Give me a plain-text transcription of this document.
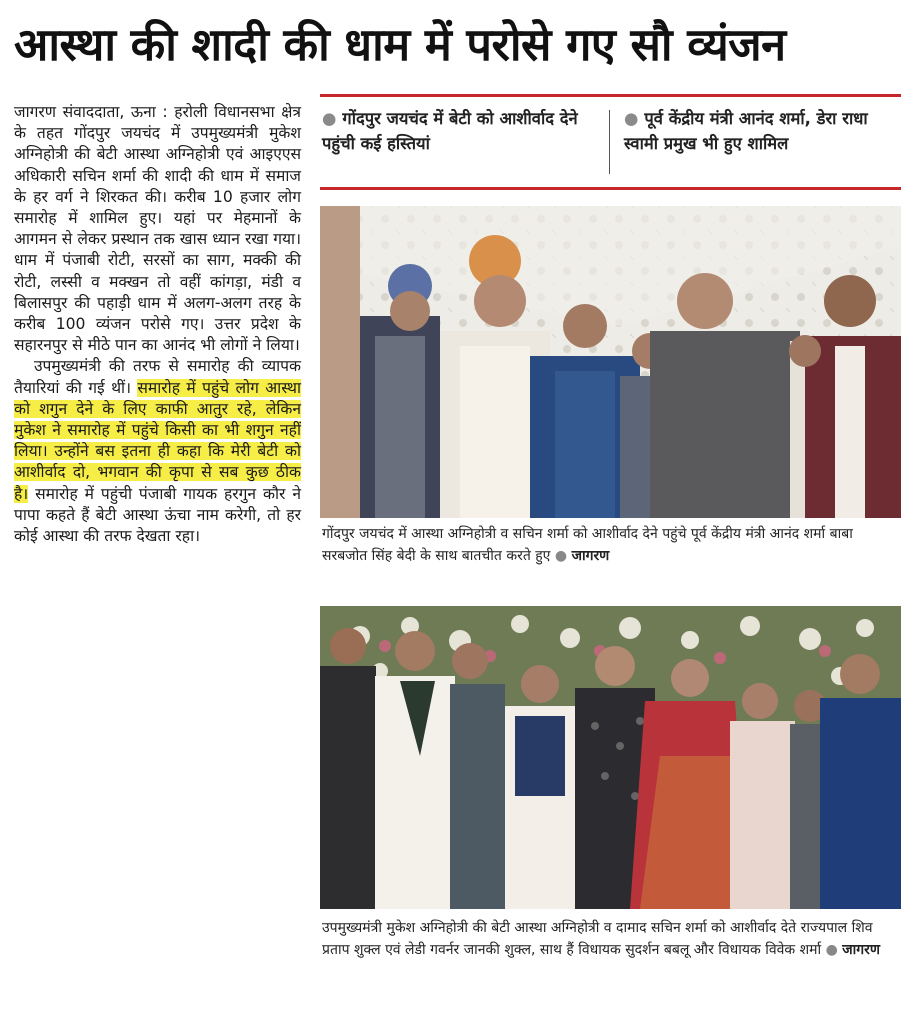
आस्था की शादी की धाम में परोसे गए सौ व्यंजन

जागरण संवाददाता, ऊना : हरोली विधानसभा क्षेत्र के तहत गोंदपुर जयचंद में उपमुख्यमंत्री मुकेश अग्निहोत्री की बेटी आस्था अग्निहोत्री एवं आइएएस अधिकारी सचिन शर्मा की शादी की धाम में समाज के हर वर्ग ने शिरकत की। करीब 10 हजार लोग समारोह में शामिल हुए। यहां पर मेहमानों के आगमन से लेकर प्रस्थान तक खास ध्यान रखा गया। धाम में पंजाबी रोटी, सरसों का साग, मक्की की रोटी, लस्सी व मक्खन तो वहीं कांगड़ा, मंडी व बिलासपुर की पहाड़ी धाम में अलग-अलग तरह के करीब 100 व्यंजन परोसे गए। उत्तर प्रदेश के सहारनपुर से मीठे पान का आनंद भी लोगों ने लिया।

उपमुख्यमंत्री की तरफ से समारोह की व्यापक तैयारियां की गई थीं। समारोह में पहुंचे लोग आस्था को शगुन देने के लिए काफी आतुर रहे, लेकिन मुकेश ने समारोह में पहुंचे किसी का भी शगुन नहीं लिया। उन्होंने बस इतना ही कहा कि मेरी बेटी को आशीर्वाद दो, भगवान की कृपा से सब कुछ ठीक है। समारोह में पहुंची पंजाबी गायक हरगुन कौर ने पापा कहते हैं बेटी आस्था ऊंचा नाम करेगी, तो हर कोई आस्था की तरफ देखता रहा।

● गोंदपुर जयचंद में बेटी को आशीर्वाद देने पहुंची कई हस्तियां
● पूर्व केंद्रीय मंत्री आनंद शर्मा, डेरा राधा स्वामी प्रमुख भी हुए शामिल
गोंदपुर जयचंद में आस्था अग्निहोत्री व सचिन शर्मा को आशीर्वाद देने पहुंचे पूर्व केंद्रीय मंत्री आनंद शर्मा बाबा सरबजोत सिंह बेदी के साथ बातचीत करते हुए ● जागरण
उपमुख्यमंत्री मुकेश अग्निहोत्री की बेटी आस्था अग्निहोत्री व दामाद सचिन शर्मा को आशीर्वाद देते राज्यपाल शिव प्रताप शुक्ल एवं लेडी गवर्नर जानकी शुक्ल, साथ हैं विधायक सुदर्शन बबलू और विधायक विवेक शर्मा ● जागरण
